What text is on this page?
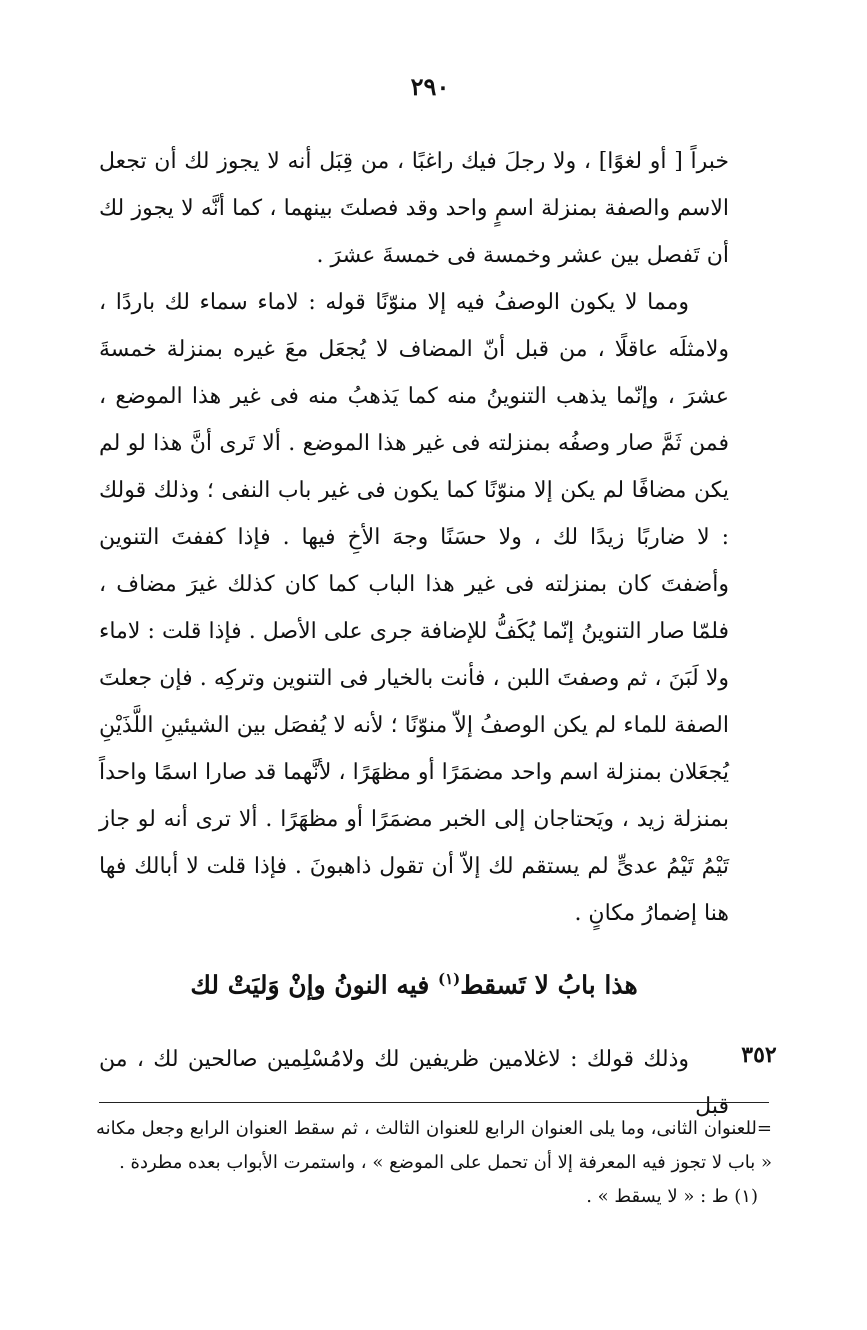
٢٩٠

خبراً [ أو لغوًا] ، ولا رجلَ فيك راغبًا ، من قِبَل أنه لا يجوز لك أن تجعل الاسم والصفة بمنزلة اسمٍ واحد وقد فصلتَ بينهما ، كما أنَّه لا يجوز لك أن تَفصل بين عشر وخمسة فى خمسةَ عشرَ .

ومما لا يكون الوصفُ فيه إلا منوّنًا قوله : لاماء سماء لك باردًا ، ولامثلَه عاقلًا ، من قبل أنّ المضاف لا يُجعَل معَ غيره بمنزلة خمسةَ عشرَ ، وإنّما يذهب التنوينُ منه كما يَذهبُ منه فى غير هذا الموضع ، فمن ثَمَّ صار وصفُه بمنزلته فى غير هذا الموضع . ألا تَرى أنَّ هذا لو لم يكن مضافًا لم يكن إلا منوّنًا كما يكون فى غير باب النفى ؛ وذلك قولك : لا ضاربًا زيدًا لك ، ولا حسَنًا وجهَ الأخِ فيها . فإذا كففتَ التنوين وأضفتَ كان بمنزلته فى غير هذا الباب كما كان كذلك غيرَ مضاف ، فلمّا صار التنوينُ إنّما يُكَفُّ للإضافة جرى على الأصل . فإذا قلت : لاماء ولا لَبَنَ ، ثم وصفتَ اللبن ، فأنت بالخيار فى التنوين وتركِه . فإن جعلتَ الصفة للماء لم يكن الوصفُ إلاّ منوّنًا ؛ لأنه لا يُفصَل بين الشيئينِ اللَّذَيْنِ يُجعَلان بمنزلة اسم واحد مضمَرًا أو مظهَرًا ، لأنَّهما قد صارا اسمًا واحداً بمنزلة زيد ، ويَحتاجان إلى الخبر مضمَرًا أو مظهَرًا . ألا ترى أنه لو جاز تَيْمُ تَيْمُ عدىٍّ لم يستقم لك إلاّ أن تقول ذاهبونَ . فإذا قلت لا أبالك فها هنا إضمارُ مكانٍ .

هذا بابُ لا تَسقط$^{(١)}$ فيه النونُ وإنْ وَليَتْ لك
٣٥٢
وذلك قولك : لاغلامين ظريفين لك ولامُسْلِمين صالحين لك ، من قبل

=للعنوان الثانى، وما يلى العنوان الرابع للعنوان الثالث ، ثم سقط العنوان الرابع وجعل مكانه « باب لا تجوز فيه المعرفة إلا أن تحمل على الموضع » ، واستمرت الأبواب بعده مطردة .

(١) ط : « لا يسقط » .
